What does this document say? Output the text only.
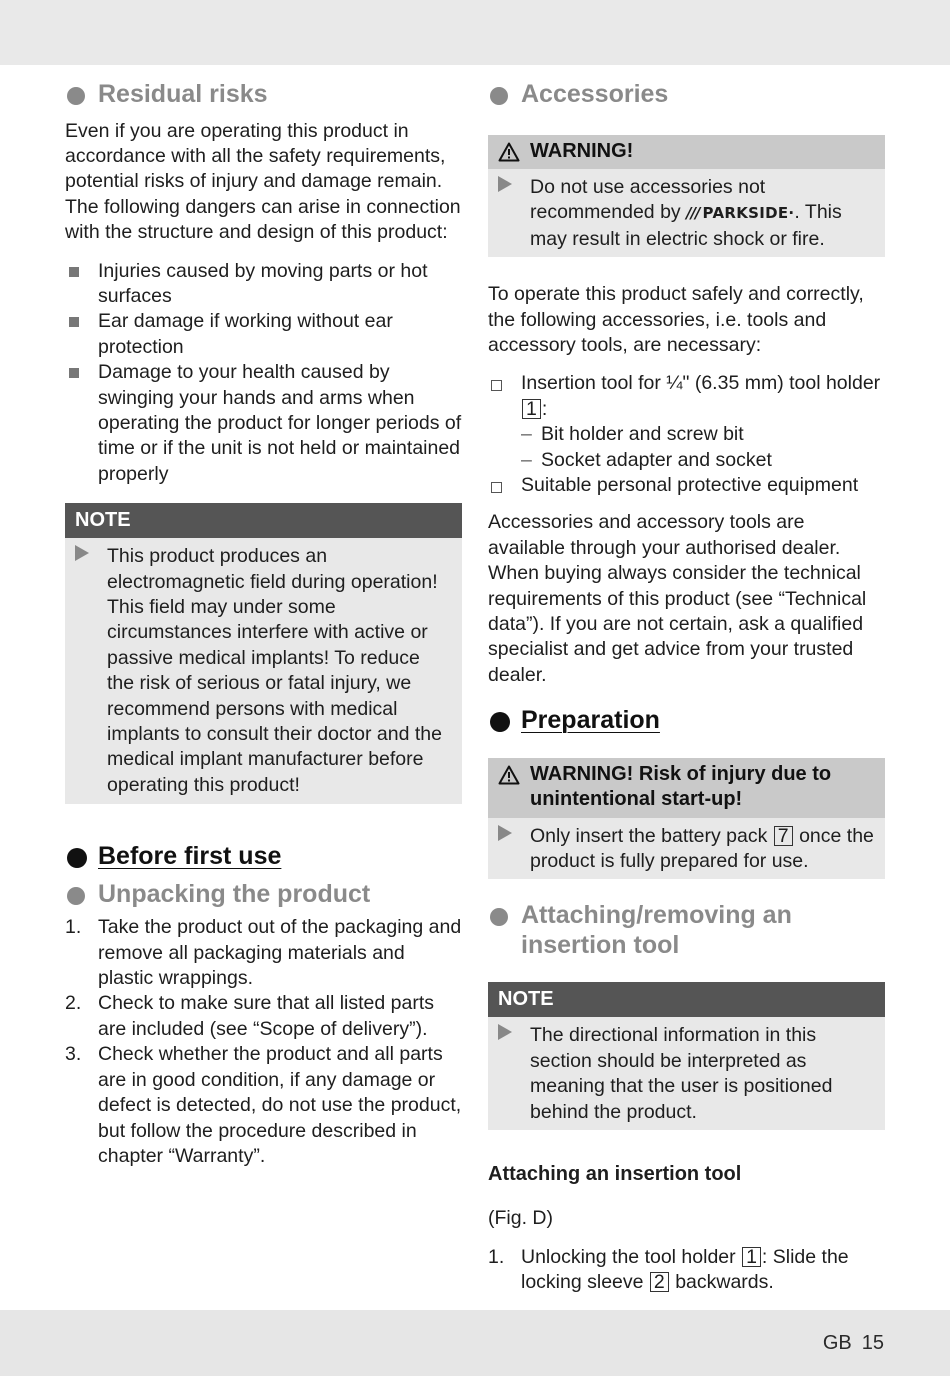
Residual risks

Even if you are operating this product in accordance with all the safety requirements, potential risks of injury and damage remain. The following dangers can arise in connection with the structure and design of this product:

Injuries caused by moving parts or hot surfaces
Ear damage if working without ear protection
Damage to your health caused by swinging your hands and arms when operating the product for longer periods of time or if the unit is not held or maintained properly
NOTE
This product produces an electromagnetic field during operation! This field may under some circumstances interfere with active or passive medical implants! To reduce the risk of serious or fatal injury, we recommend persons with medical implants to consult their doctor and the medical implant manufacturer before operating this product!
Before first use
Unpacking the product
1. Take the product out of the packaging and remove all packaging materials and plastic wrappings.
2. Check to make sure that all listed parts are included (see “Scope of delivery”).
3. Check whether the product and all parts are in good condition, if any damage or defect is detected, do not use the product, but follow the procedure described in chapter “Warranty”.
Accessories
WARNING!
Do not use accessories not recommended by /// PARKSIDE·. This may result in electric shock or fire.

To operate this product safely and correctly, the following accessories, i.e. tools and accessory tools, are necessary:

Insertion tool for ¼" (6.35 mm) tool holder 1 :
– Bit holder and screw bit
– Socket adapter and socket
Suitable personal protective equipment

Accessories and accessory tools are available through your authorised dealer. When buying always consider the technical requirements of this product (see “Technical data”). If you are not certain, ask a qualified specialist and get advice from your trusted dealer.

Preparation
WARNING! Risk of injury due to unintentional start-up!
Only insert the battery pack 7 once the product is fully prepared for use.
Attaching/removing an insertion tool
NOTE
The directional information in this section should be interpreted as meaning that the user is positioned behind the product.

Attaching an insertion tool

(Fig. D)

1. Unlocking the tool holder 1 : Slide the locking sleeve 2 backwards.
GB 15
